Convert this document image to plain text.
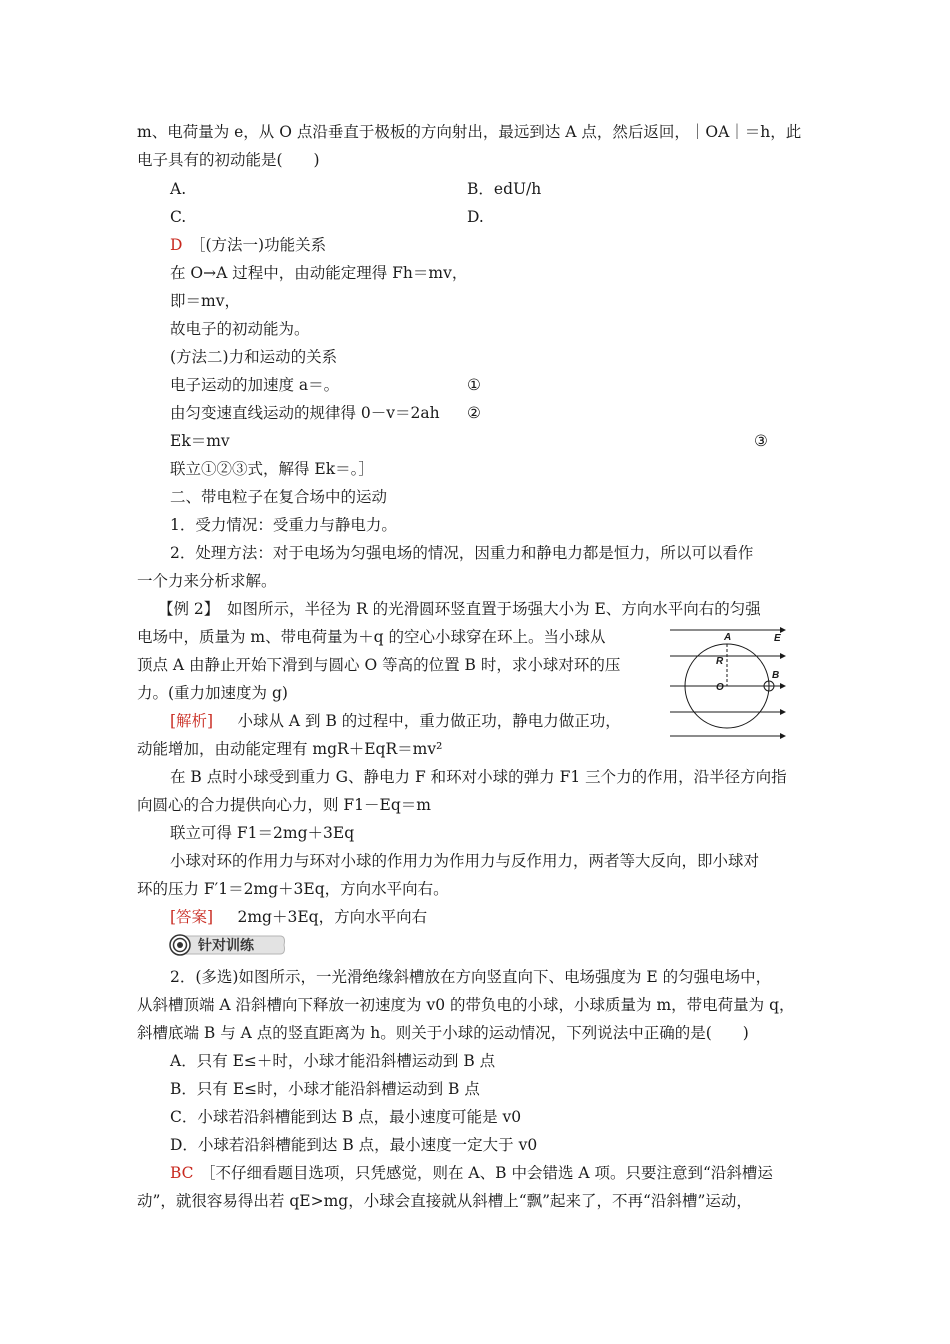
m、电荷量为 e，从 O 点沿垂直于极板的方向射出，最远到达 A 点，然后返回，｜OA｜＝h，此
电子具有的初动能是(　　)
A.	B．edU/h
C.	D.
D ［(方法一)功能关系
在 O→A 过程中，由动能定理得 Fh＝mv，
即＝mv，
故电子的初动能为。
(方法二)力和运动的关系
电子运动的加速度 a＝。	①
由匀变速直线运动的规律得 0－v＝2ah ②
Ek＝mv	③
联立①②③式，解得 Ek＝。］
二、带电粒子在复合场中的运动
1．受力情况：受重力与静电力。
2．处理方法：对于电场为匀强电场的情况，因重力和静电力都是恒力，所以可以看作
一个力来分析求解。
【例 2】　如图所示，半径为 R 的光滑圆环竖直置于场强大小为 E、方向水平向右的匀强
电场中，质量为 m、带电荷量为＋q 的空心小球穿在环上。当小球从
顶点 A 由静止开始下滑到与圆心 O 等高的位置 B 时，求小球对环的压
力。(重力加速度为 g)
[解析] 　小球从 A 到 B 的过程中，重力做正功，静电力做正功，
动能增加，由动能定理有 mgR＋EqR＝mv²
在 B 点时小球受到重力 G、静电力 F 和环对小球的弹力 F1 三个力的作用，沿半径方向指
向圆心的合力提供向心力，则 F1－Eq＝m
联立可得 F1＝2mg＋3Eq
小球对环的作用力与环对小球的作用力为作用力与反作用力，两者等大反向，即小球对
环的压力 F′1＝2mg＋3Eq，方向水平向右。
[答案] 　2mg＋3Eq，方向水平向右
A	E
R
B
O
针对训练
2．(多选)如图所示，一光滑绝缘斜槽放在方向竖直向下、电场强度为 E 的匀强电场中，
从斜槽顶端 A 沿斜槽向下释放一初速度为 v0 的带负电的小球，小球质量为 m，带电荷量为 q，
斜槽底端 B 与 A 点的竖直距离为 h。则关于小球的运动情况，下列说法中正确的是(　　)
A．只有 E≤＋时，小球才能沿斜槽运动到 B 点
B．只有 E≤时，小球才能沿斜槽运动到 B 点
C．小球若沿斜槽能到达 B 点，最小速度可能是 v0
D．小球若沿斜槽能到达 B 点，最小速度一定大于 v0
BC ［不仔细看题目选项，只凭感觉，则在 A、B 中会错选 A 项。只要注意到“沿斜槽运
动”，就很容易得出若 qE>mg，小球会直接就从斜槽上“飘”起来了，不再“沿斜槽”运动，
